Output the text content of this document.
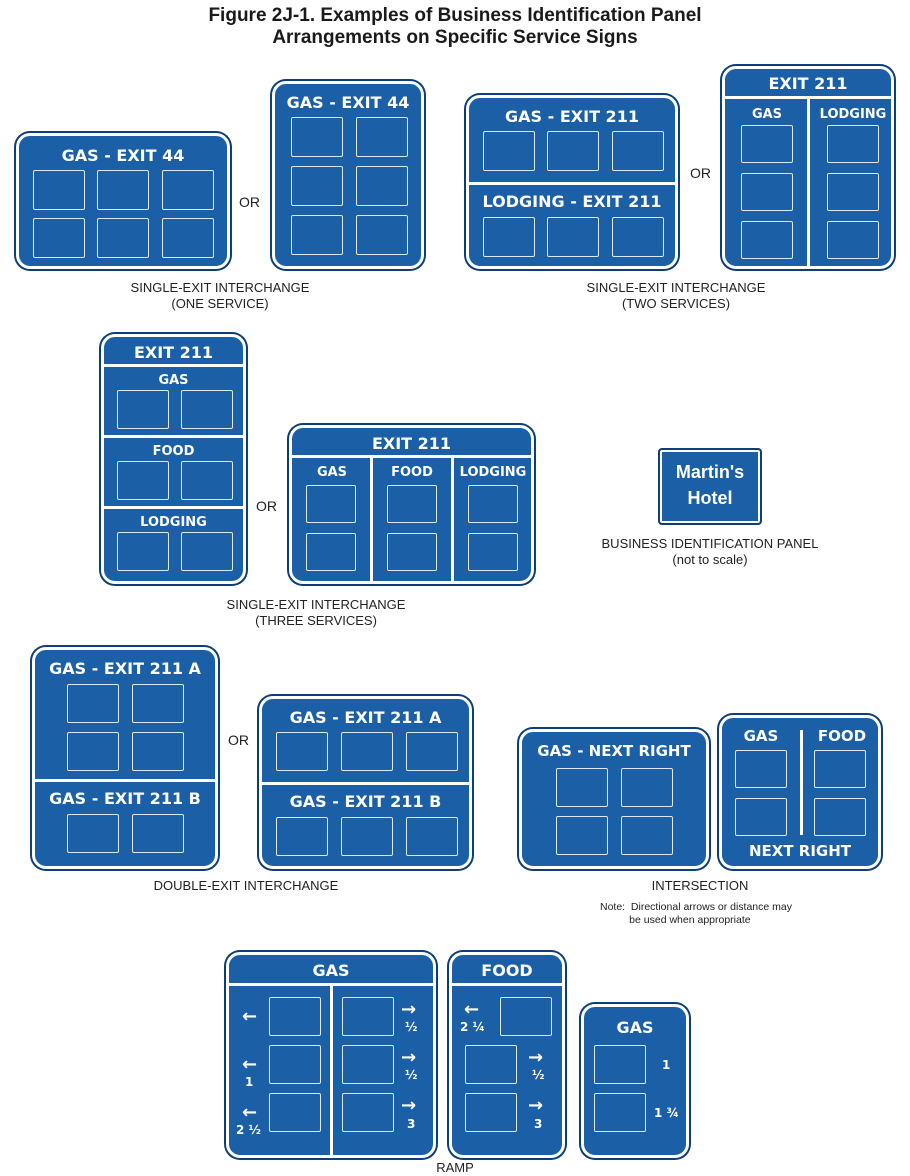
Figure 2J-1. Examples of Business Identification Panel
Arrangements on Specific Service Signs
GAS - EXIT 44
OR
GAS - EXIT 44
SINGLE-EXIT INTERCHANGE
(ONE SERVICE)
GAS - EXIT 211
LODGING - EXIT 211
OR
EXIT 211
GAS	LODGING
SINGLE-EXIT INTERCHANGE
(TWO SERVICES)
EXIT 211
GAS
FOOD
LODGING
OR
EXIT 211
GAS	FOOD	LODGING
SINGLE-EXIT INTERCHANGE
(THREE SERVICES)
Martin's
Hotel
BUSINESS IDENTIFICATION PANEL
(not to scale)
GAS - EXIT 211 A
GAS - EXIT 211 B
OR
GAS - EXIT 211 A
GAS - EXIT 211 B
DOUBLE-EXIT INTERCHANGE
GAS - NEXT RIGHT
GAS	FOOD
NEXT RIGHT
INTERSECTION
Note:  Directional arrows or distance may
be used when appropriate
GAS
←
←
1
←
2 ½
→
½
→
½
→
3
FOOD
←
2 ¼
→
½
→
3
GAS
1
1 ¾
RAMP
